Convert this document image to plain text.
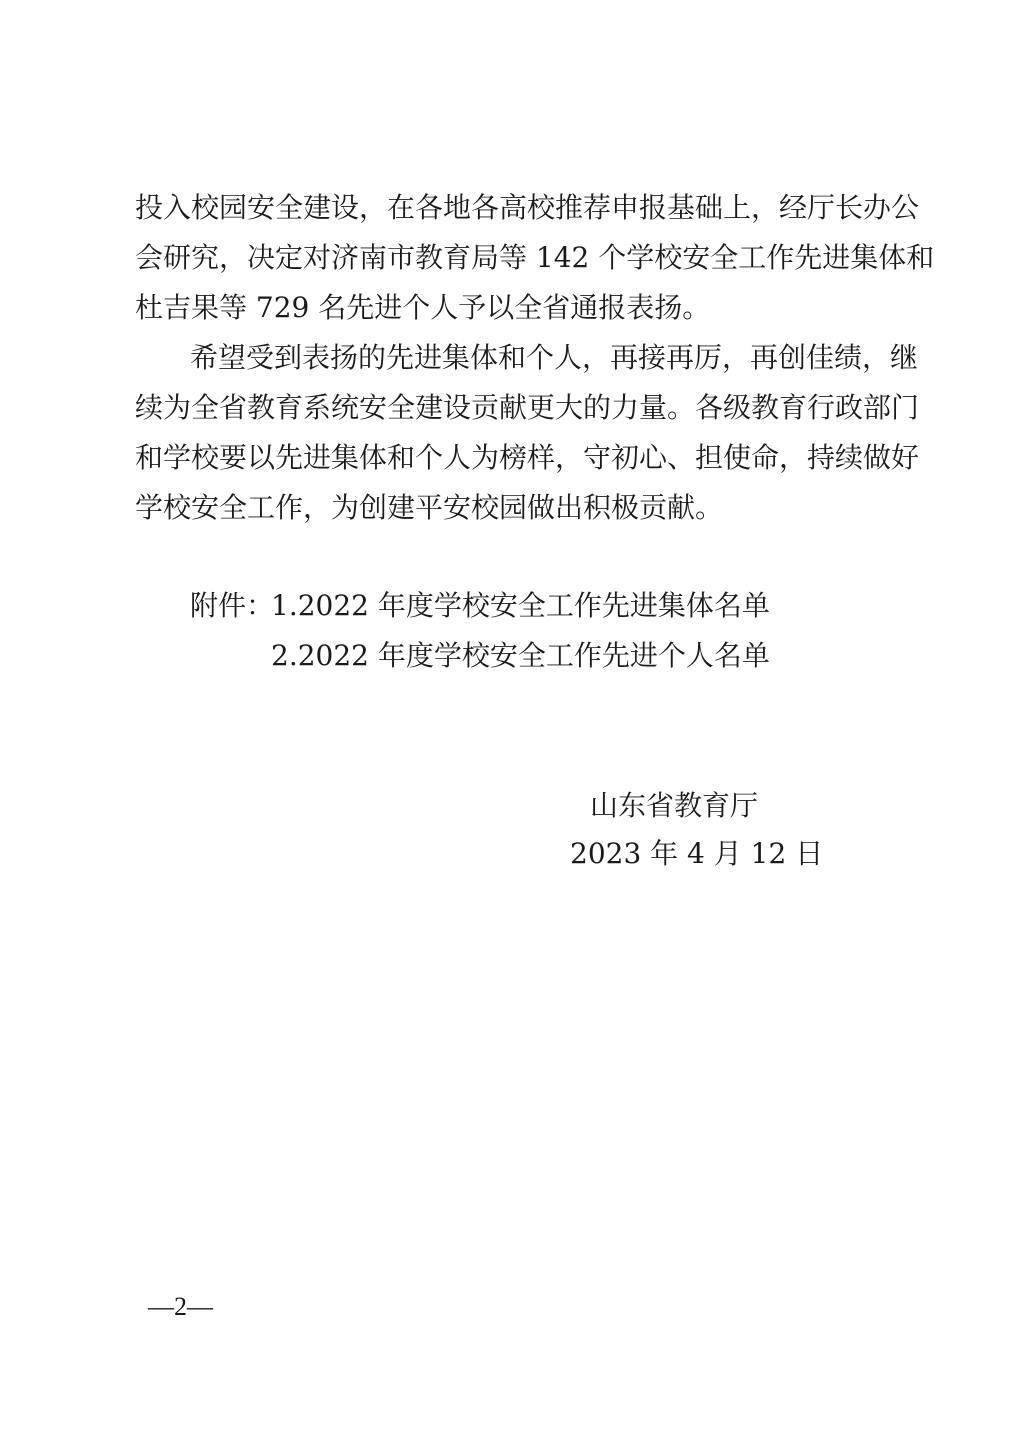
投入校园安全建设，在各地各高校推荐申报基础上，经厅长办公
会研究，决定对济南市教育局等 142 个学校安全工作先进集体和
杜吉果等 729 名先进个人予以全省通报表扬。
希望受到表扬的先进集体和个人，再接再厉，再创佳绩，继
续为全省教育系统安全建设贡献更大的力量。各级教育行政部门
和学校要以先进集体和个人为榜样，守初心、担使命，持续做好
学校安全工作，为创建平安校园做出积极贡献。
附件：
1.2022 年度学校安全工作先进集体名单
2.2022 年度学校安全工作先进个人名单
山东省教育厅
2023 年 4 月 12 日
—2—
